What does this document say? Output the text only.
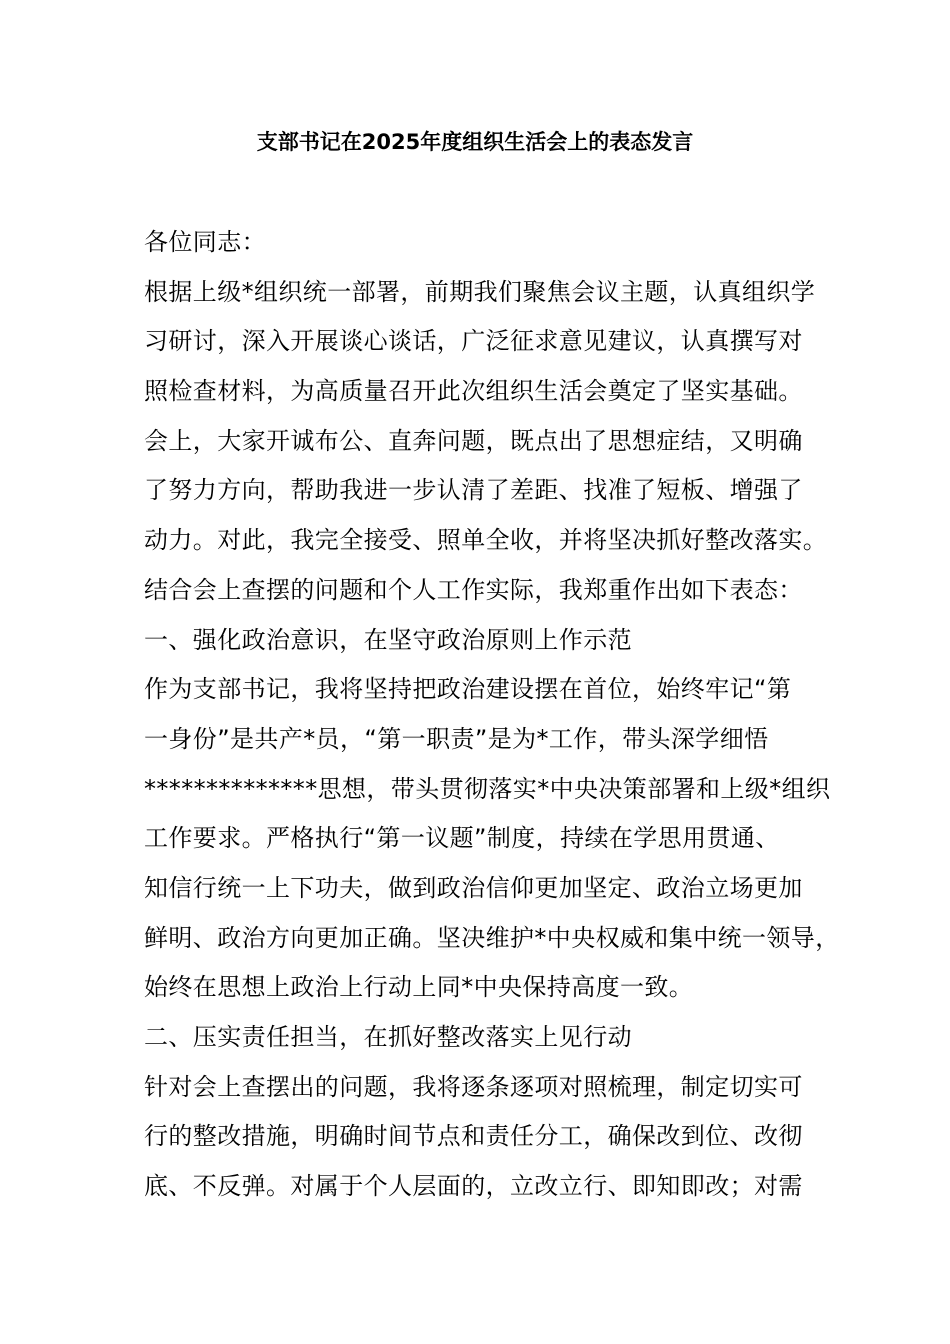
支部书记在2025年度组织生活会上的表态发言
各位同志：
根据上级*组织统一部署，前期我们聚焦会议主题，认真组织学
习研讨，深入开展谈心谈话，广泛征求意见建议，认真撰写对
照检查材料，为高质量召开此次组织生活会奠定了坚实基础。
会上，大家开诚布公、直奔问题，既点出了思想症结，又明确
了努力方向，帮助我进一步认清了差距、找准了短板、增强了
动力。对此，我完全接受、照单全收，并将坚决抓好整改落实。
结合会上查摆的问题和个人工作实际，我郑重作出如下表态：
一、强化政治意识，在坚守政治原则上作示范
作为支部书记，我将坚持把政治建设摆在首位，始终牢记“第
一身份”是共产*员，“第一职责”是为*工作，带头深学细悟
**************思想，带头贯彻落实*中央决策部署和上级*组织
工作要求。严格执行“第一议题”制度，持续在学思用贯通、
知信行统一上下功夫，做到政治信仰更加坚定、政治立场更加
鲜明、政治方向更加正确。坚决维护*中央权威和集中统一领导，
始终在思想上政治上行动上同*中央保持高度一致。
二、压实责任担当，在抓好整改落实上见行动
针对会上查摆出的问题，我将逐条逐项对照梳理，制定切实可
行的整改措施，明确时间节点和责任分工，确保改到位、改彻
底、不反弹。对属于个人层面的，立改立行、即知即改；对需
